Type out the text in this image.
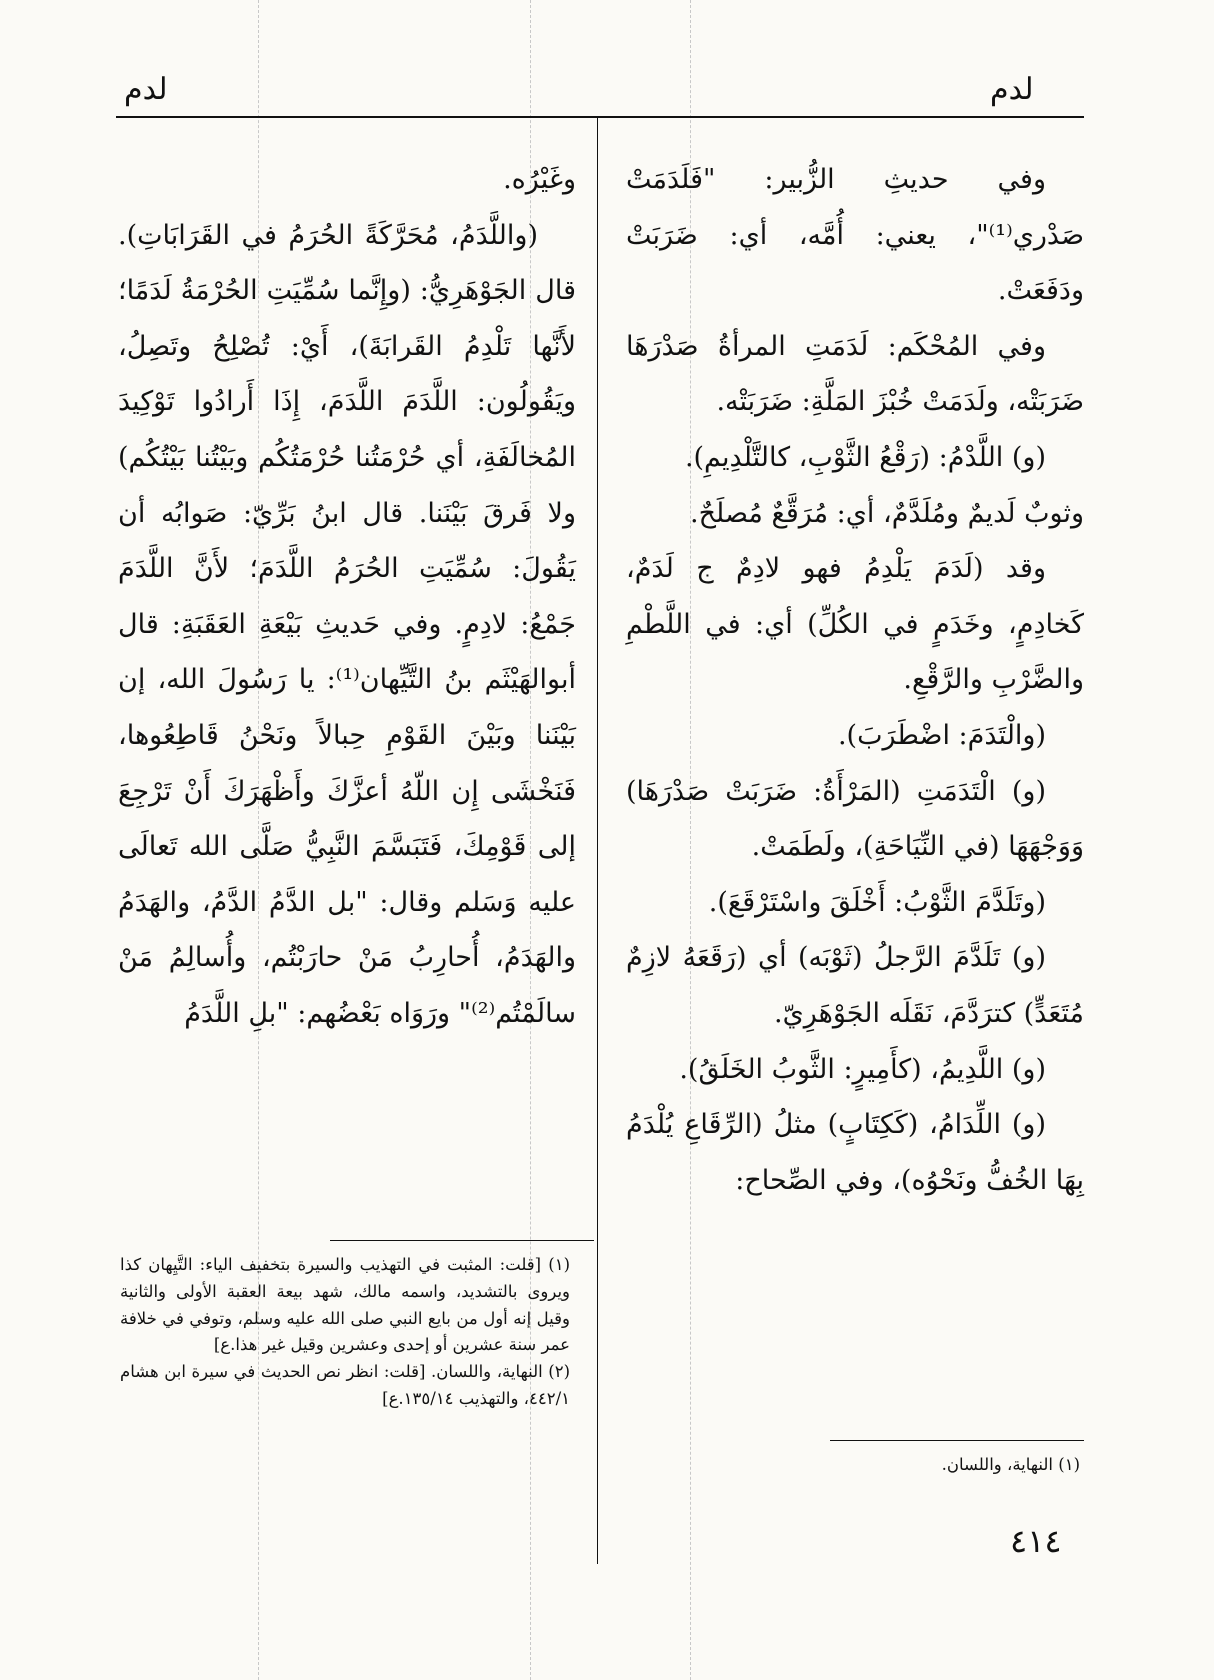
لدم
لدم

وفي حديثِ الزُّبير: "فَلَدَمَتْ صَدْري⁽¹⁾"، يعني: أُمَّه، أي: ضَرَبَتْ ودَفَعَتْ.

وفي المُحْكَم: لَدَمَتِ المرأةُ صَدْرَهَا ضَرَبَتْه، ولَدَمَتْ خُبْزَ المَلَّةِ: ضَرَبَتْه.

(و) اللَّدْمُ: (رَقْعُ الثَّوْبِ، كالتَّلْدِيمِ).

وثوبٌ لَديمٌ ومُلَدَّمٌ، أي: مُرَقَّعٌ مُصلَحٌ.

وقد (لَدَمَ يَلْدِمُ فهو لادِمٌ ج لَدَمٌ، كَخادِمٍ، وخَدَمٍ في الكُلِّ) أي: في اللَّطْمِ والضَّرْبِ والرَّقْعِ.

(والْتَدَمَ: اضْطَرَبَ).

(و) الْتَدَمَتِ (المَرْأَةُ: ضَرَبَتْ صَدْرَهَا) وَوَجْهَهَا (في النِّيَاحَةِ)، ولَطَمَتْ.

(وتَلَدَّمَ الثَّوْبُ: أَخْلَقَ واسْتَرْقَعَ).

(و) تَلَدَّمَ الرَّجلُ (ثَوْبَه) أي (رَقَعَهُ لازِمٌ مُتَعَدٍّ) كترَدَّمَ، نَقَلَه الجَوْهَرِيّ.

(و) اللَّدِيمُ، (كأَمِيرٍ: الثَّوبُ الخَلَقُ).

(و) اللِّدَامُ، (كَكِتَابٍ) مثلُ (الرِّقَاعِ يُلْدَمُ بِهَا الخُفُّ ونَحْوُه)، وفي الصِّحاح:

وغَيْرُه.

(واللَّدَمُ، مُحَرَّكَةً الحُرَمُ في القَرَابَاتِ). قال الجَوْهَرِيُّ: (وإِنَّما سُمِّيَتِ الحُرْمَةُ لَدَمًا؛ لأَنَّها تَلْدِمُ القَرابَةَ)، أَيْ: تُصْلِحُ وتَصِلُ، ويَقُولُون: اللَّدَمَ اللَّدَمَ، إِذَا أَرادُوا تَوْكِيدَ المُخالَفَةِ، أي حُرْمَتُنا حُرْمَتُكُم وبَيْتُنا بَيْتُكُم) ولا فَرقَ بَيْنَنا. قال ابنُ بَرِّيّ: صَوابُه أن يَقُولَ: سُمِّيَتِ الحُرَمُ اللَّدَمَ؛ لأَنَّ اللَّدَمَ جَمْعُ: لادِمٍ. وفي حَديثِ بَيْعَةِ العَقَبَةِ: قال أبوالهَيْثَم بنُ التَّيِّهان⁽¹⁾: يا رَسُولَ الله، إن بَيْنَنا وبَيْنَ القَوْمِ حِبالاً ونَحْنُ قَاطِعُوها، فَنَخْشَى إِن اللّهُ أعزَّكَ وأَظْهَرَكَ أَنْ تَرْجِعَ إلى قَوْمِكَ، فَتَبَسَّمَ النَّبِيُّ صَلَّى الله تَعالَى عليه وَسَلم وقال: "بل الدَّمُ الدَّمُ، والهَدَمُ والهَدَمُ، أُحارِبُ مَنْ حارَبْتُم، وأُسالِمُ مَنْ سالَمْتُم⁽²⁾" ورَوَاه بَعْضُهم: "بلِ اللَّدَمُ

(١) [قلت: المثبت في التهذيب والسيرة بتخفيف الياء: التَّيِهان كذا ويروى بالتشديد، واسمه مالك، شهد بيعة العقبة الأولى والثانية وقيل إنه أول من بايع النبي صلى الله عليه وسلم، وتوفي في خلافة عمر سنة عشرين أو إحدى وعشرين وقيل غير هذا.ع]

(٢) النهاية، واللسان. [قلت: انظر نص الحديث في سيرة ابن هشام ٤٤٢/١، والتهذيب ١٣٥/١٤.ع]

(١) النهاية، واللسان.

٤١٤
